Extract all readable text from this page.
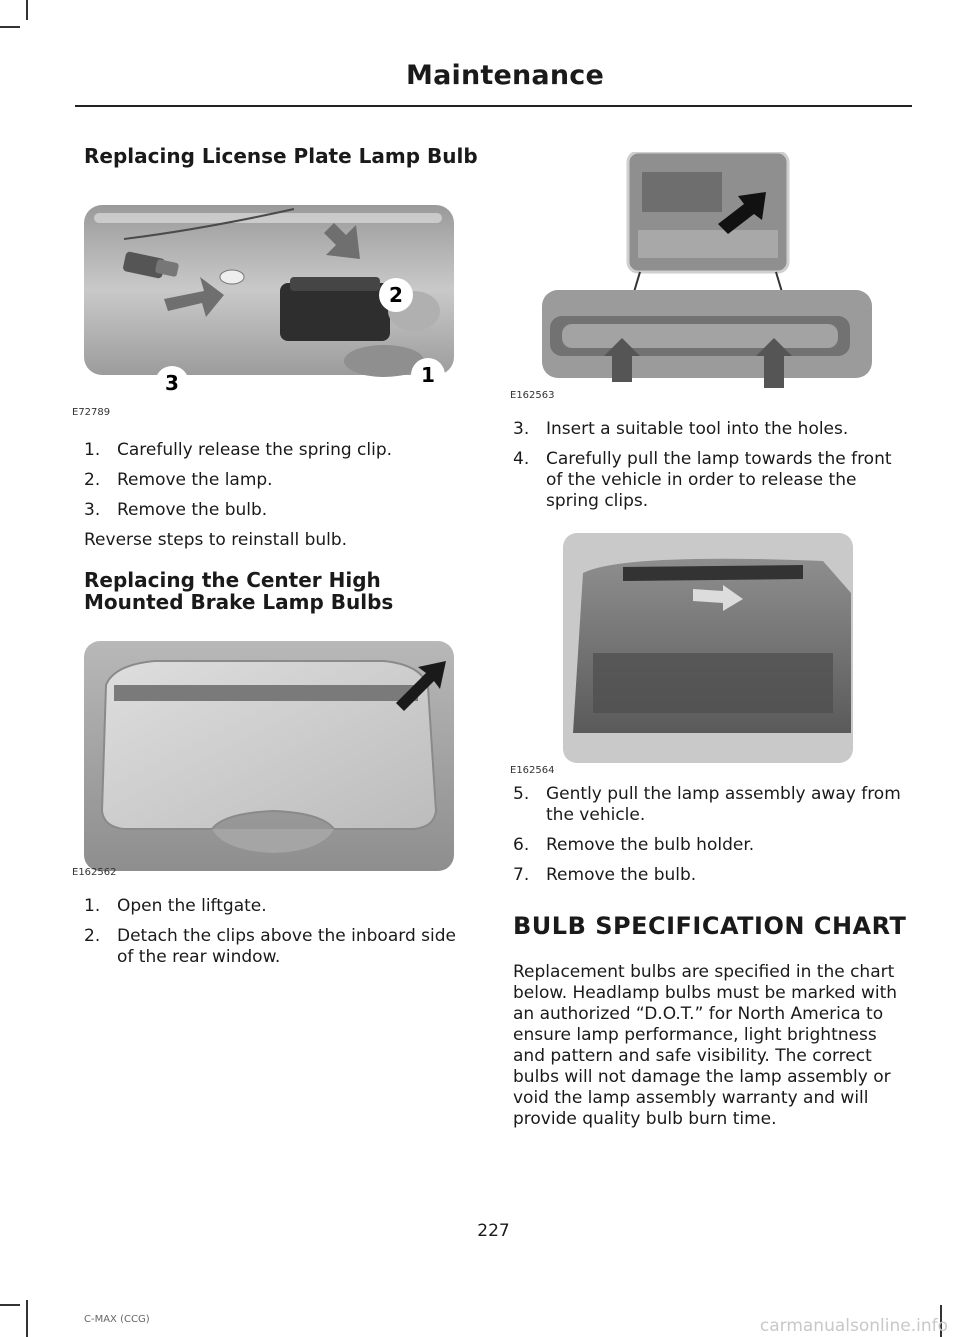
Maintenance
Replacing License Plate Lamp Bulb
2
1
3
E72789
1. Carefully release the spring clip.
2. Remove the lamp.
3. Remove the bulb.

Reverse steps to reinstall bulb.

Replacing the Center High Mounted Brake Lamp Bulbs
E162562
1. Open the liftgate.
2. Detach the clips above the inboard side of the rear window.
E162563
3. Insert a suitable tool into the holes.
4. Carefully pull the lamp towards the front of the vehicle in order to release the spring clips.
E162564
5. Gently pull the lamp assembly away from the vehicle.
6. Remove the bulb holder.
7. Remove the bulb.
BULB SPECIFICATION CHART

Replacement bulbs are specified in the chart below. Headlamp bulbs must be marked with an authorized “D.O.T.” for North America to ensure lamp performance, light brightness and pattern and safe visibility. The correct bulbs will not damage the lamp assembly or void the lamp assembly warranty and will provide quality bulb burn time.

227
C-MAX (CCG)	carmanualsonline.info
